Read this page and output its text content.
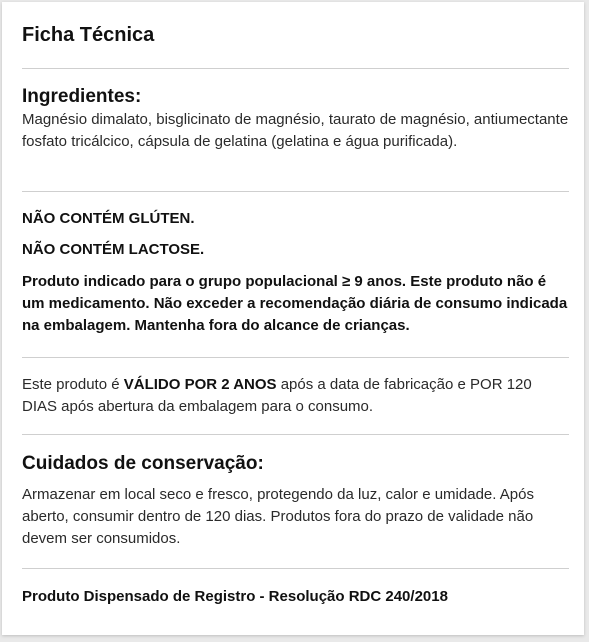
Ficha Técnica
Ingredientes:
Magnésio dimalato, bisglicinato de magnésio, taurato de magnésio, antiumectante fosfato tricálcico, cápsula de gelatina (gelatina e água purificada).
NÃO CONTÉM GLÚTEN.
NÃO CONTÉM LACTOSE.
Produto indicado para o grupo populacional ≥ 9 anos. Este produto não é um medicamento. Não exceder a recomendação diária de consumo indicada na embalagem. Mantenha fora do alcance de crianças.
Este produto é VÁLIDO POR 2 ANOS após a data de fabricação e POR 120 DIAS após abertura da embalagem para o consumo.
Cuidados de conservação:
Armazenar em local seco e fresco, protegendo da luz, calor e umidade. Após aberto, consumir dentro de 120 dias. Produtos fora do prazo de validade não devem ser consumidos.
Produto Dispensado de Registro - Resolução RDC 240/2018
